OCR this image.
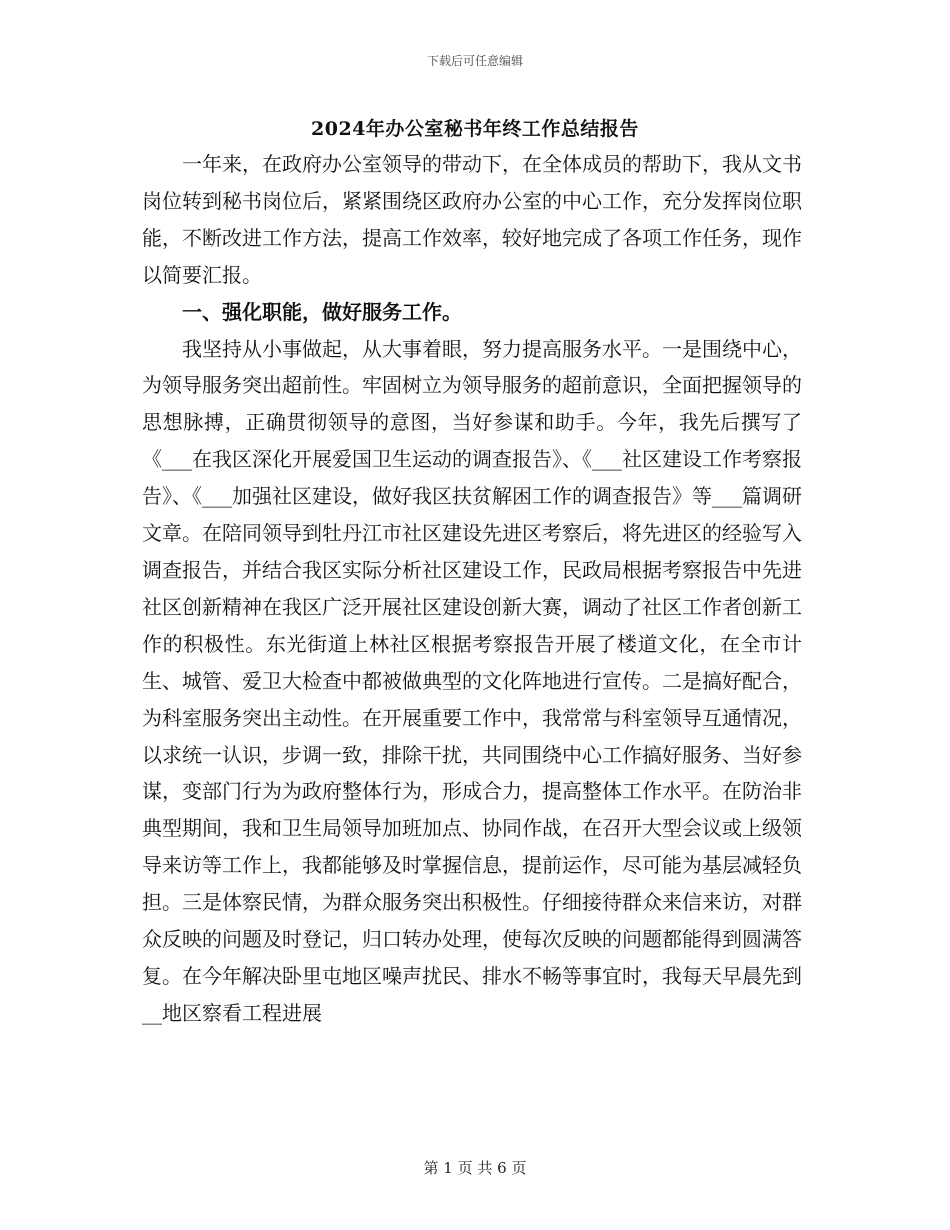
下载后可任意编辑
2024年办公室秘书年终工作总结报告

一年来，在政府办公室领导的带动下，在全体成员的帮助下，我从文书岗位转到秘书岗位后，紧紧围绕区政府办公室的中心工作，充分发挥岗位职能，不断改进工作方法，提高工作效率，较好地完成了各项工作任务，现作以简要汇报。

一、强化职能，做好服务工作。

我坚持从小事做起，从大事着眼，努力提高服务水平。一是围绕中心，为领导服务突出超前性。牢固树立为领导服务的超前意识，全面把握领导的思想脉搏，正确贯彻领导的意图，当好参谋和助手。今年，我先后撰写了《___在我区深化开展爱国卫生运动的调查报告》、《___社区建设工作考察报告》、《___加强社区建设，做好我区扶贫解困工作的调查报告》等___篇调研文章。在陪同领导到牡丹江市社区建设先进区考察后，将先进区的经验写入调查报告，并结合我区实际分析社区建设工作，民政局根据考察报告中先进社区创新精神在我区广泛开展社区建设创新大赛，调动了社区工作者创新工作的积极性。东光街道上林社区根据考察报告开展了楼道文化，在全市计生、城管、爱卫大检查中都被做典型的文化阵地进行宣传。二是搞好配合，为科室服务突出主动性。在开展重要工作中，我常常与科室领导互通情况，以求统一认识，步调一致，排除干扰，共同围绕中心工作搞好服务、当好参谋，变部门行为为政府整体行为，形成合力，提高整体工作水平。在防治非典型期间，我和卫生局领导加班加点、协同作战，在召开大型会议或上级领导来访等工作上，我都能够及时掌握信息，提前运作，尽可能为基层减轻负担。三是体察民情，为群众服务突出积极性。仔细接待群众来信来访，对群众反映的问题及时登记，归口转办处理，使每次反映的问题都能得到圆满答复。在今年解决卧里屯地区噪声扰民、排水不畅等事宜时，我每天早晨先到__地区察看工程进展

第 1 页 共 6 页
